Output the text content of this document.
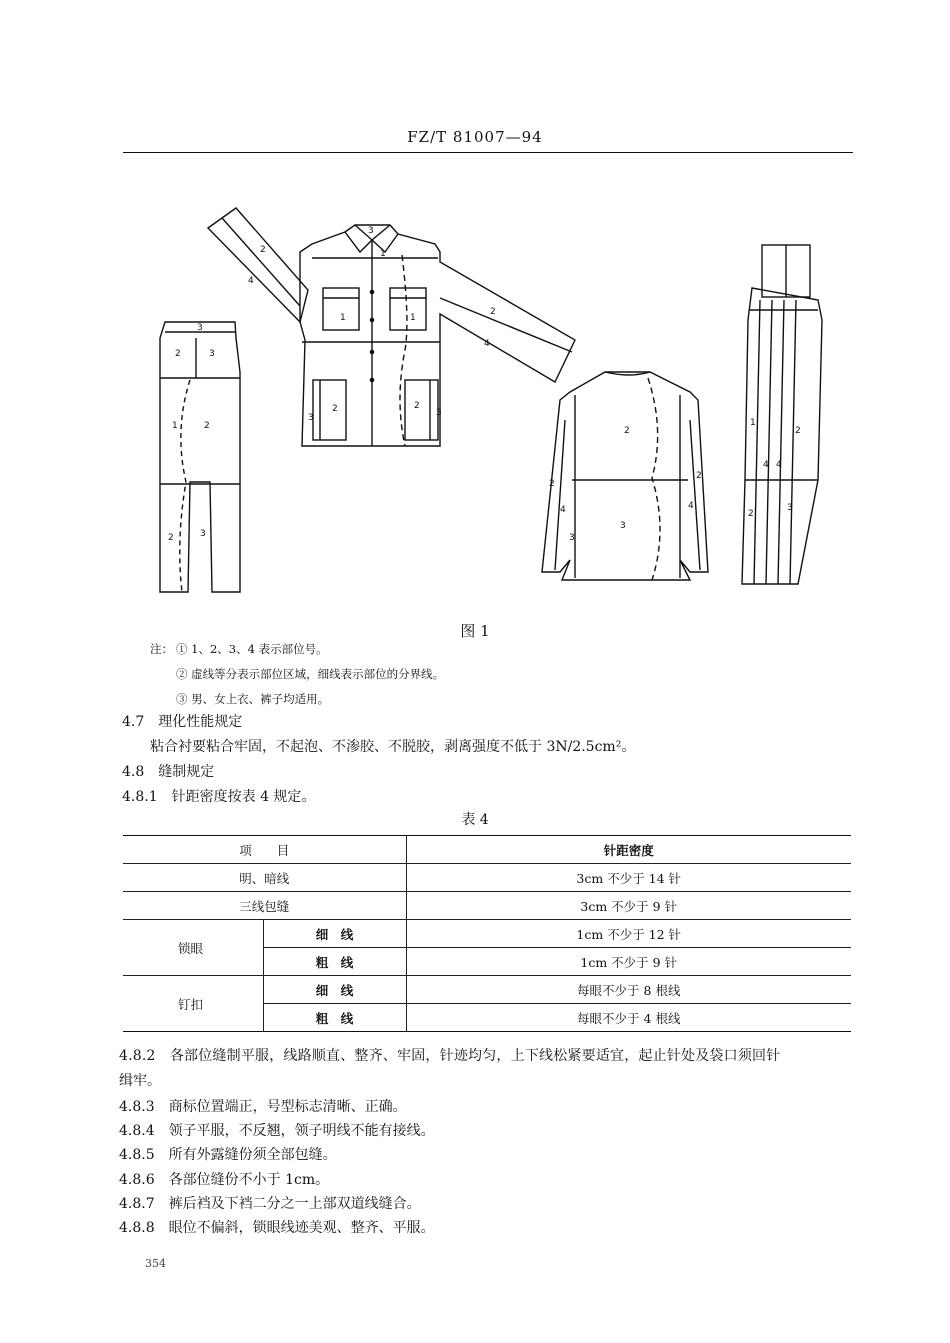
FZ/T 81007—94
3
2	3
1	2
2	3
3
1
2
4
1	1
2
4
3
2	2
3
2
2
2
4	4
3
3
1
2
4 4
2
3
图 1
注： ① 1、2、3、4 表示部位号。
② 虚线等分表示部位区域，细线表示部位的分界线。
③ 男、女上衣、裤子均适用。
4.7　理化性能规定
粘合衬要粘合牢固，不起泡、不渗胶、不脱胶，剥离强度不低于 3N/2.5cm²。
4.8　缝制规定
4.8.1　针距密度按表 4 规定。
表 4
项　　目		针距密度
明、暗线		3cm 不少于 14 针
三线包缝		3cm 不少于 9 针
锁眼	细　线	1cm 不少于 12 针
	粗　线	1cm 不少于 9 针
钉扣	细　线	每眼不少于 8 根线
	粗　线	每眼不少于 4 根线
4.8.2　各部位缝制平服，线路顺直、整齐、牢固，针迹均匀，上下线松紧要适宜，起止针处及袋口须回针
缉牢。
4.8.3　商标位置端正，号型标志清晰、正确。
4.8.4　领子平服，不反翘，领子明线不能有接线。
4.8.5　所有外露缝份须全部包缝。
4.8.6　各部位缝份不小于 1cm。
4.8.7　裤后裆及下裆二分之一上部双道线缝合。
4.8.8　眼位不偏斜，锁眼线迹美观、整齐、平服。
354
